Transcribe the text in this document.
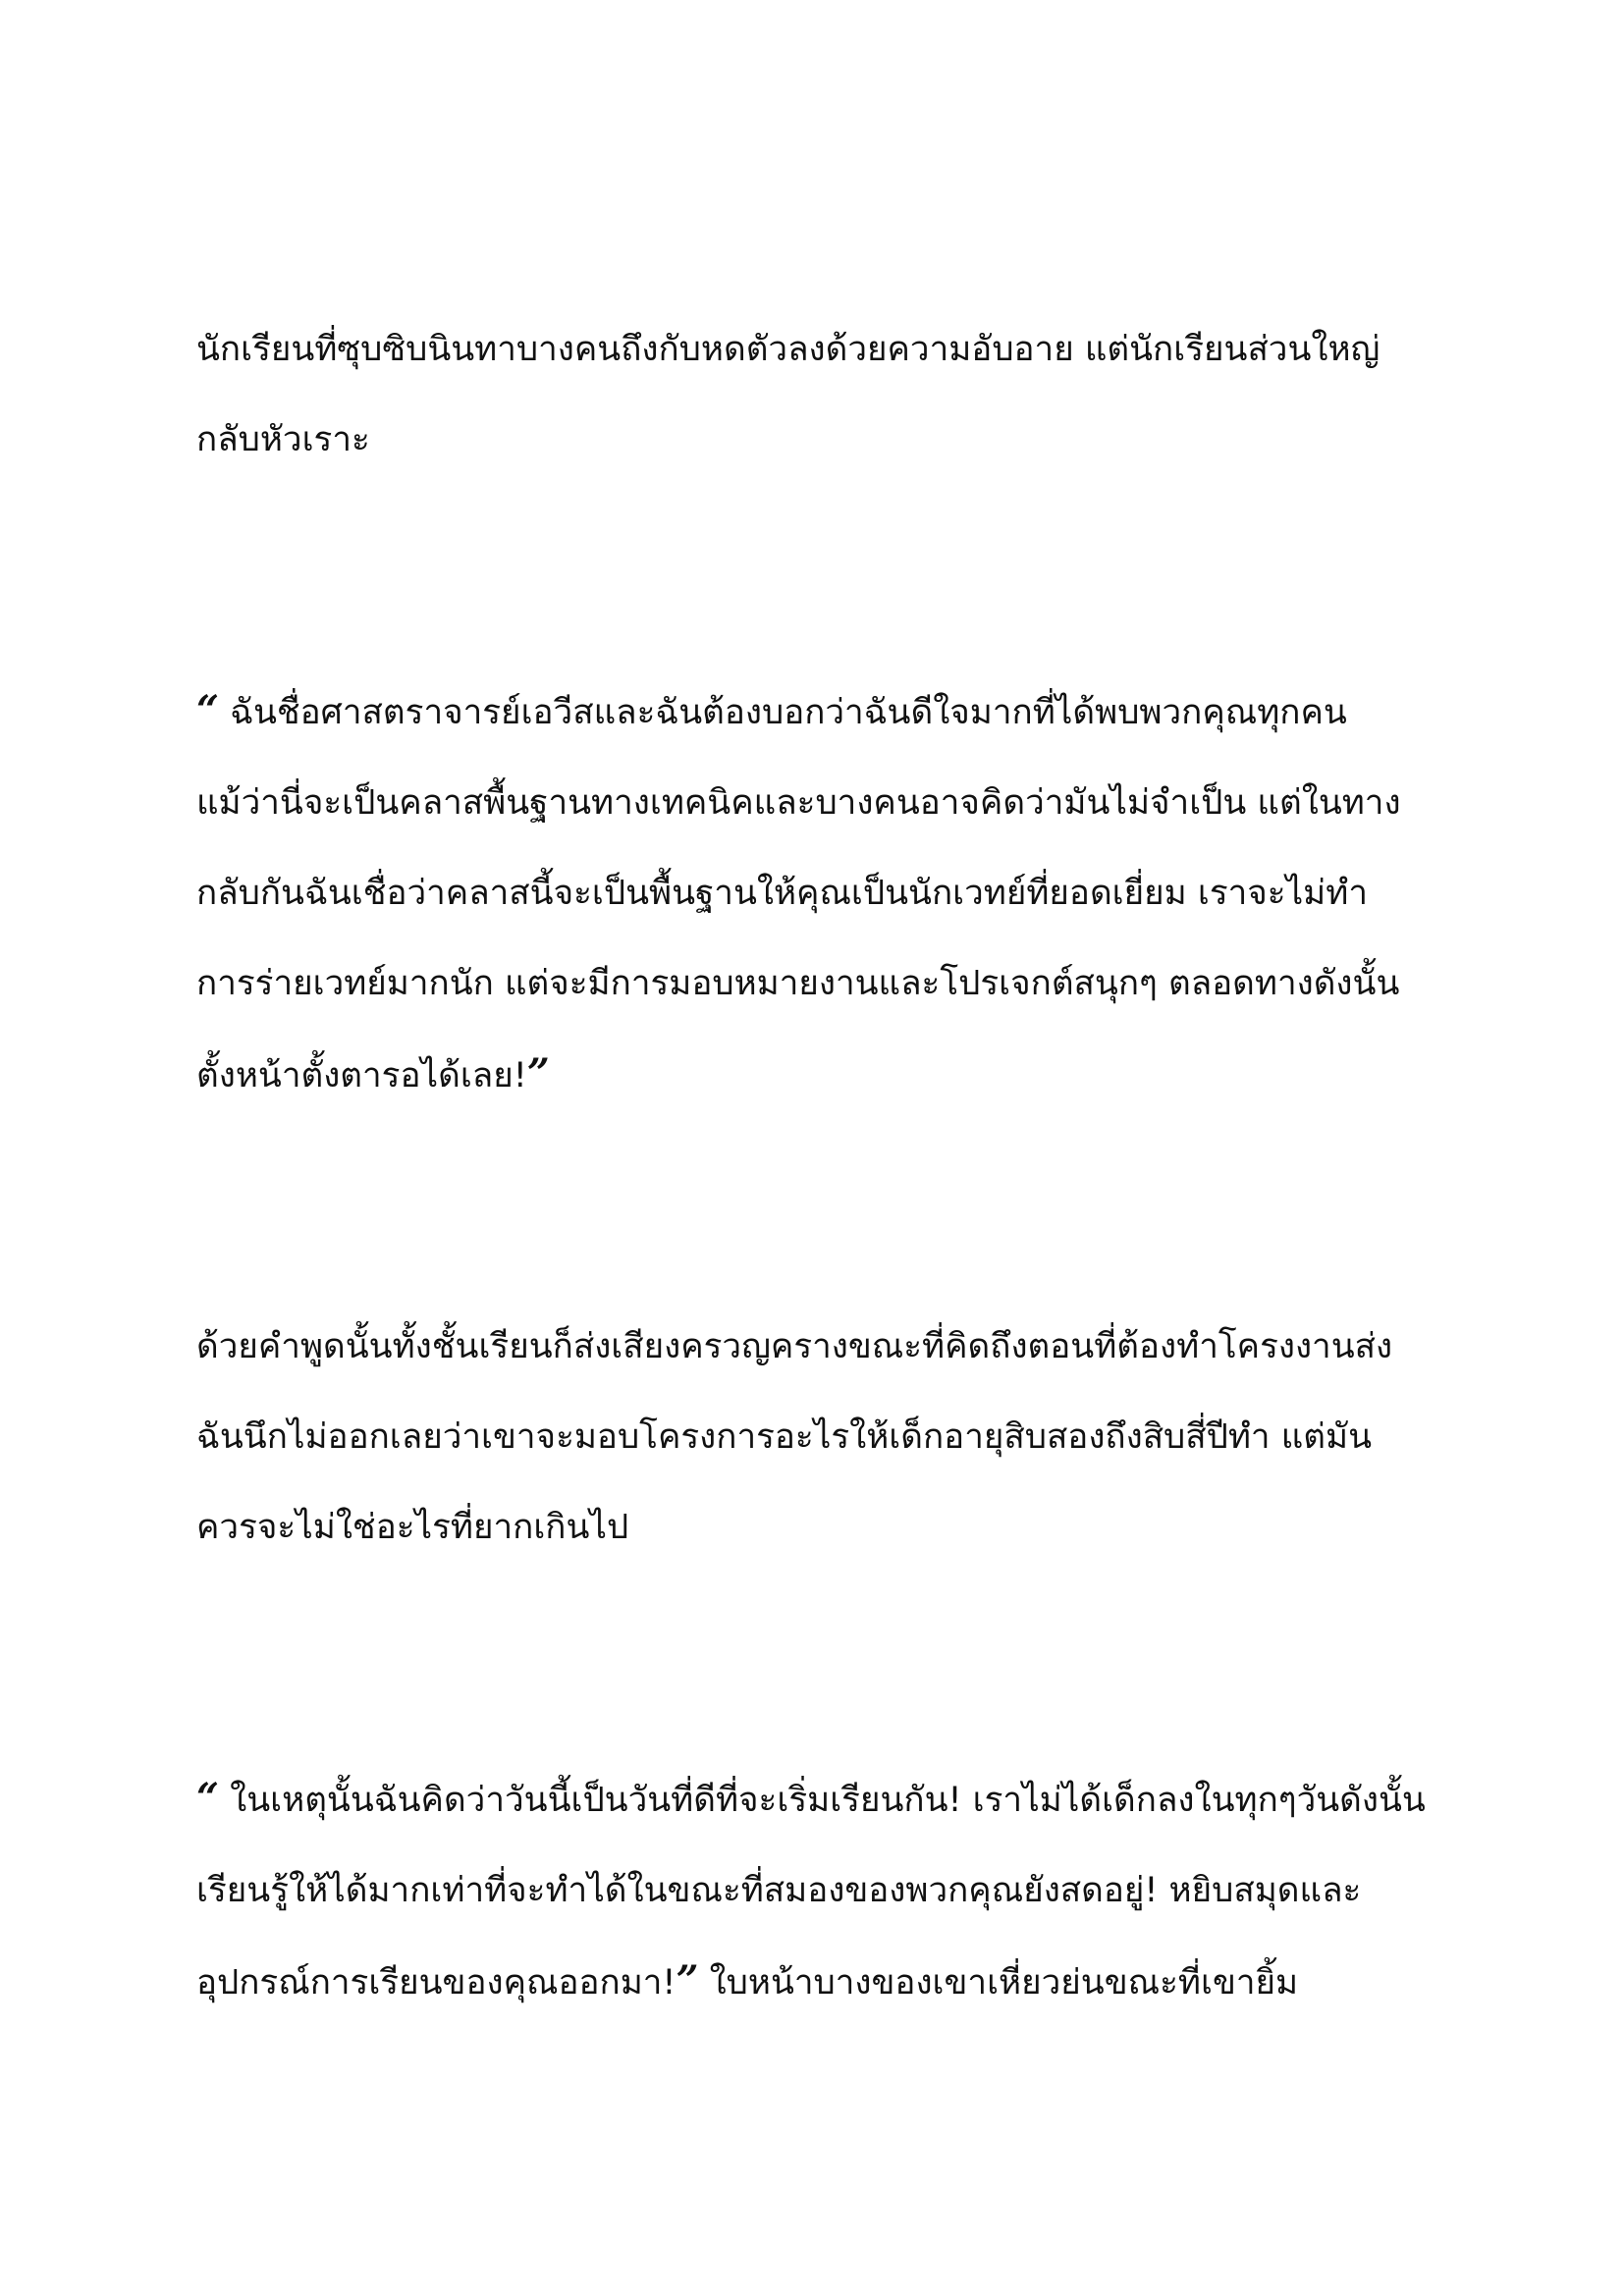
นักเรียนที่ซุบซิบนินทาบางคนถึงกับหดตัวลงด้วยความอับอาย แต่นักเรียนส่วนใหญ่
กลับหัวเราะ
“ ฉันชื่อศาสตราจารย์เอวีสและฉันต้องบอกว่าฉันดีใจมากที่ได้พบพวกคุณทุกคน
แม้ว่านี่จะเป็นคลาสพื้นฐานทางเทคนิคและบางคนอาจคิดว่ามันไม่จำเป็น แต่ในทาง
กลับกันฉันเชื่อว่าคลาสนี้จะเป็นพื้นฐานให้คุณเป็นนักเวทย์ที่ยอดเยี่ยม เราจะไม่ทำ
การร่ายเวทย์มากนัก แต่จะมีการมอบหมายงานและโปรเจกต์สนุกๆ ตลอดทางดังนั้น
ตั้งหน้าตั้งตารอได้เลย!”
ด้วยคำพูดนั้นทั้งชั้นเรียนก็ส่งเสียงครวญครางขณะที่คิดถึงตอนที่ต้องทำโครงงานส่ง
ฉันนึกไม่ออกเลยว่าเขาจะมอบโครงการอะไรให้เด็กอายุสิบสองถึงสิบสี่ปีทำ แต่มัน
ควรจะไม่ใช่อะไรที่ยากเกินไป
“ ในเหตุนั้นฉันคิดว่าวันนี้เป็นวันที่ดีที่จะเริ่มเรียนกัน! เราไม่ได้เด็กลงในทุกๆวันดังนั้น
เรียนรู้ให้ได้มากเท่าที่จะทำได้ในขณะที่สมองของพวกคุณยังสดอยู่! หยิบสมุดและ
อุปกรณ์การเรียนของคุณออกมา!” ใบหน้าบางของเขาเหี่ยวย่นขณะที่เขายิ้ม
